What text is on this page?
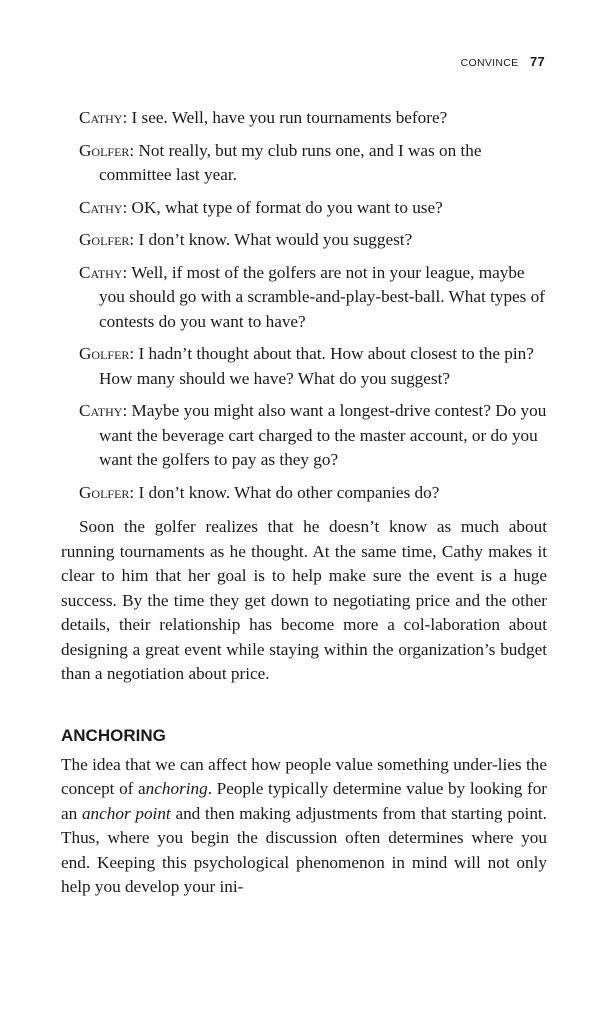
CONVINCE 77
Cathy: I see. Well, have you run tournaments before?
Golfer: Not really, but my club runs one, and I was on the committee last year.
Cathy: OK, what type of format do you want to use?
Golfer: I don’t know. What would you suggest?
Cathy: Well, if most of the golfers are not in your league, maybe you should go with a scramble-and-play-best-ball. What types of contests do you want to have?
Golfer: I hadn’t thought about that. How about closest to the pin? How many should we have? What do you suggest?
Cathy: Maybe you might also want a longest-drive contest? Do you want the beverage cart charged to the master account, or do you want the golfers to pay as they go?
Golfer: I don’t know. What do other companies do?

Soon the golfer realizes that he doesn’t know as much about running tournaments as he thought. At the same time, Cathy makes it clear to him that her goal is to help make sure the event is a huge success. By the time they get down to negotiating price and the other details, their relationship has become more a col-laboration about designing a great event while staying within the organization’s budget than a negotiation about price.

ANCHORING

The idea that we can affect how people value something under-lies the concept of anchoring. People typically determine value by looking for an anchor point and then making adjustments from that starting point. Thus, where you begin the discussion often determines where you end. Keeping this psychological phenomenon in mind will not only help you develop your ini-
